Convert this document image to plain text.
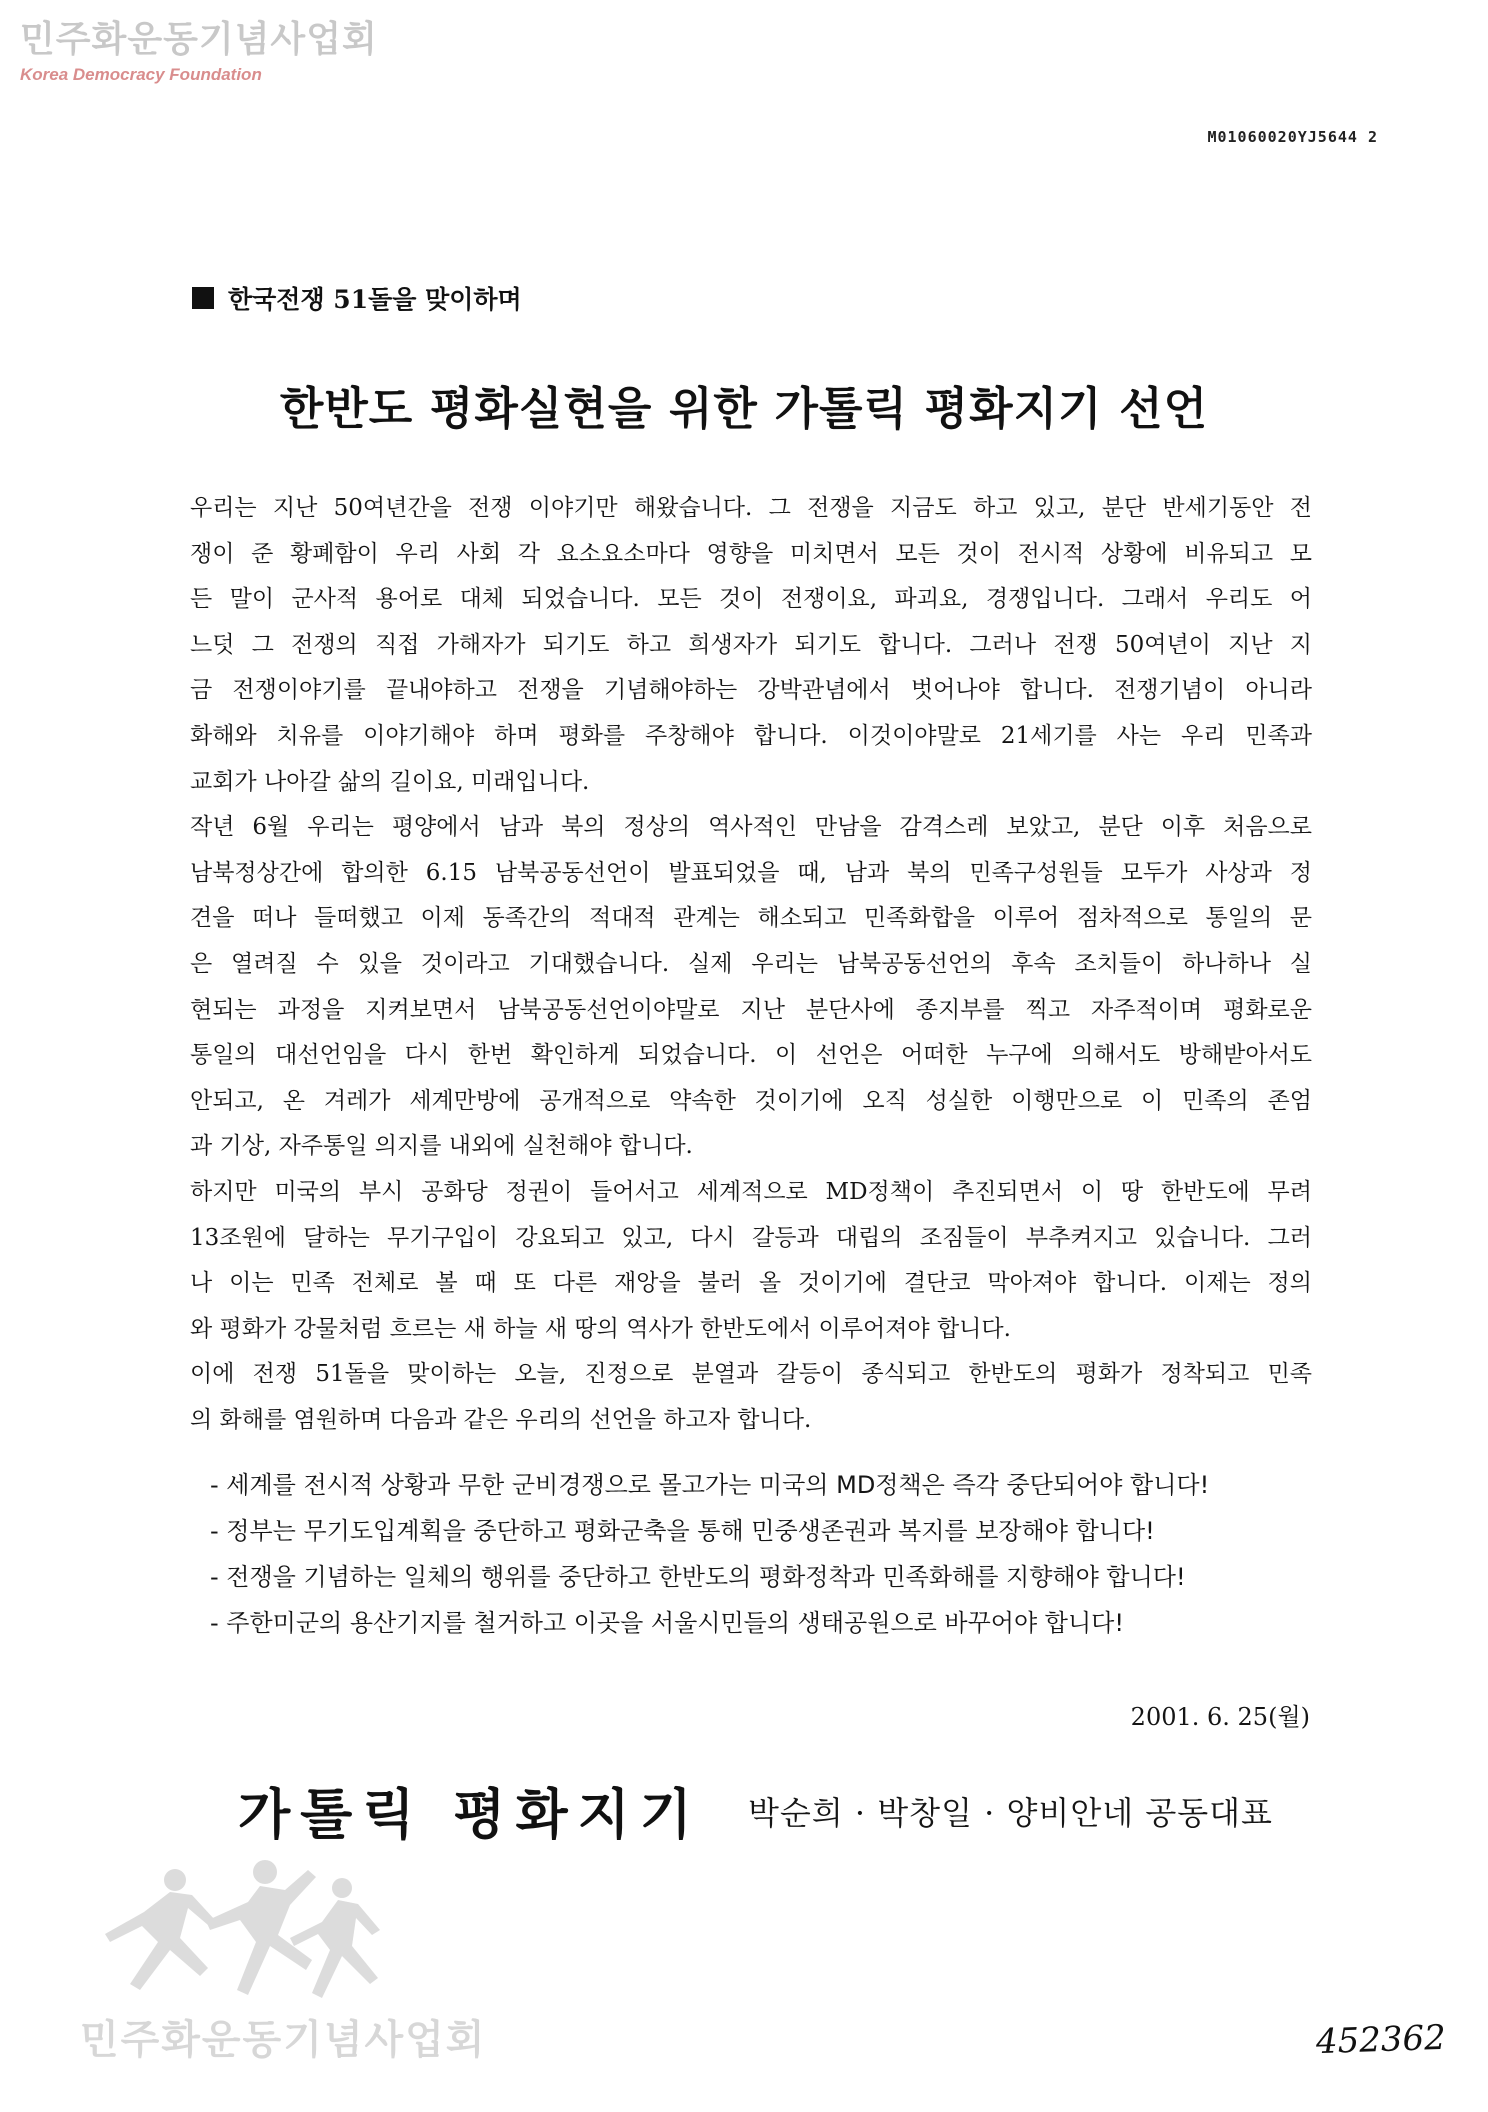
민주화운동기념사업회
Korea Democracy Foundation
M01060020YJ5644 2
한국전쟁 51돌을 맞이하며
한반도 평화실현을 위한 가톨릭 평화지기 선언
우리는 지난 50여년간을 전쟁 이야기만 해왔습니다. 그 전쟁을 지금도 하고 있고, 분단 반세기동안 전
쟁이 준 황폐함이 우리 사회 각 요소요소마다 영향을 미치면서 모든 것이 전시적 상황에 비유되고 모
든 말이 군사적 용어로 대체 되었습니다. 모든 것이 전쟁이요, 파괴요, 경쟁입니다. 그래서 우리도 어
느덧 그 전쟁의 직접 가해자가 되기도 하고 희생자가 되기도 합니다. 그러나 전쟁 50여년이 지난 지
금 전쟁이야기를 끝내야하고 전쟁을 기념해야하는 강박관념에서 벗어나야 합니다. 전쟁기념이 아니라
화해와 치유를 이야기해야 하며 평화를 주창해야 합니다. 이것이야말로 21세기를 사는 우리 민족과
교회가 나아갈 삶의 길이요, 미래입니다.
작년 6월 우리는 평양에서 남과 북의 정상의 역사적인 만남을 감격스레 보았고, 분단 이후 처음으로
남북정상간에 합의한 6.15 남북공동선언이 발표되었을 때, 남과 북의 민족구성원들 모두가 사상과 정
견을 떠나 들떠했고 이제 동족간의 적대적 관계는 해소되고 민족화합을 이루어 점차적으로 통일의 문
은 열려질 수 있을 것이라고 기대했습니다. 실제 우리는 남북공동선언의 후속 조치들이 하나하나 실
현되는 과정을 지켜보면서 남북공동선언이야말로 지난 분단사에 종지부를 찍고 자주적이며 평화로운
통일의 대선언임을 다시 한번 확인하게 되었습니다. 이 선언은 어떠한 누구에 의해서도 방해받아서도
안되고, 온 겨레가 세계만방에 공개적으로 약속한 것이기에 오직 성실한 이행만으로 이 민족의 존엄
과 기상, 자주통일 의지를 내외에 실천해야 합니다.
하지만 미국의 부시 공화당 정권이 들어서고 세계적으로 MD정책이 추진되면서 이 땅 한반도에 무려
13조원에 달하는 무기구입이 강요되고 있고, 다시 갈등과 대립의 조짐들이 부추켜지고 있습니다. 그러
나 이는 민족 전체로 볼 때 또 다른 재앙을 불러 올 것이기에 결단코 막아져야 합니다. 이제는 정의
와 평화가 강물처럼 흐르는 새 하늘 새 땅의 역사가 한반도에서 이루어져야 합니다.
이에 전쟁 51돌을 맞이하는 오늘, 진정으로 분열과 갈등이 종식되고 한반도의 평화가 정착되고 민족
의 화해를 염원하며 다음과 같은 우리의 선언을 하고자 합니다.
- 세계를 전시적 상황과 무한 군비경쟁으로 몰고가는 미국의 MD정책은 즉각 중단되어야 합니다!
- 정부는 무기도입계획을 중단하고 평화군축을 통해 민중생존권과 복지를 보장해야 합니다!
- 전쟁을 기념하는 일체의 행위를 중단하고 한반도의 평화정착과 민족화해를 지향해야 합니다!
- 주한미군의 용산기지를 철거하고 이곳을 서울시민들의 생태공원으로 바꾸어야 합니다!
2001. 6. 25(월)
가톨릭 평화지기 박순희 · 박창일 · 양비안네 공동대표
민주화운동기념사업회	452362
